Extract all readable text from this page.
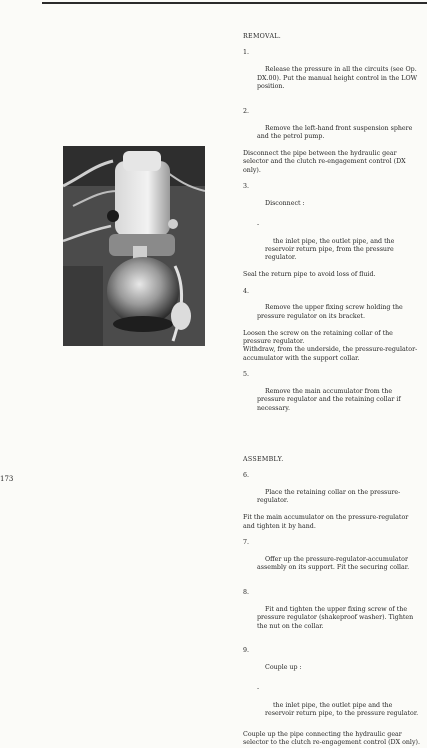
REMOVAL.

1.

Release the pressure in all the circuits (see Op. DX.00). Put the manual height control in the LOW position.

2.

Remove the left-hand front suspension sphere and the petrol pump.

Disconnect the pipe between the hydraulic gear selector and the clutch re-engagement control (DX only).

3.

Disconnect :

-

the inlet pipe, the outlet pipe, and the reservoir return pipe, from the pressure regulator.

Seal the return pipe to avoid loss of fluid.

4.

Remove the upper fixing screw holding the pressure regulator on its bracket.

Loosen the screw on the retaining collar of the pressure regulator.
Withdraw, from the underside, the pressure-regulator-accumulator with the support collar.

5.

Remove the main accumulator from the pressure regulator and the retaining collar if necessary.

ASSEMBLY.

6.

Place the retaining collar on the pressure-regulator.

Fit the main accumulator on the pressure-regulator and tighten it by hand.

7.

Offer up the pressure-regulator-accumulator assembly on its support. Fit the securing collar.

8.

Fit and tighten the upper fixing screw of the pressure regulator (shakeproof washer). Tighten the nut on the collar.

9.

Couple up :

-

the inlet pipe, the outlet pipe and the reservoir return pipe, to the pressure regulator.

Couple up the pipe connecting the hydraulic gear selector to the clutch re-engagement control (DX only).
173
